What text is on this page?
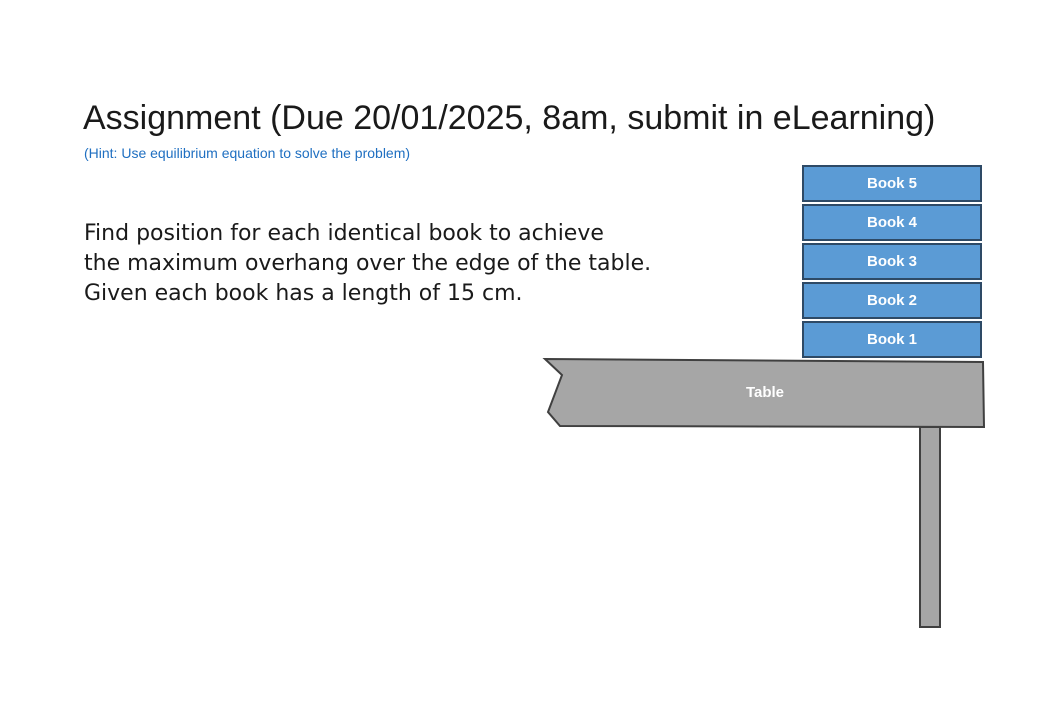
Assignment (Due 20/01/2025, 8am, submit in eLearning)
(Hint: Use equilibrium equation to solve the problem)
Find position for each identical book to achieve
the maximum overhang over the edge of the table.
Given each book has a length of 15 cm.
Table
Book 5
Book 4
Book 3
Book 2
Book 1
